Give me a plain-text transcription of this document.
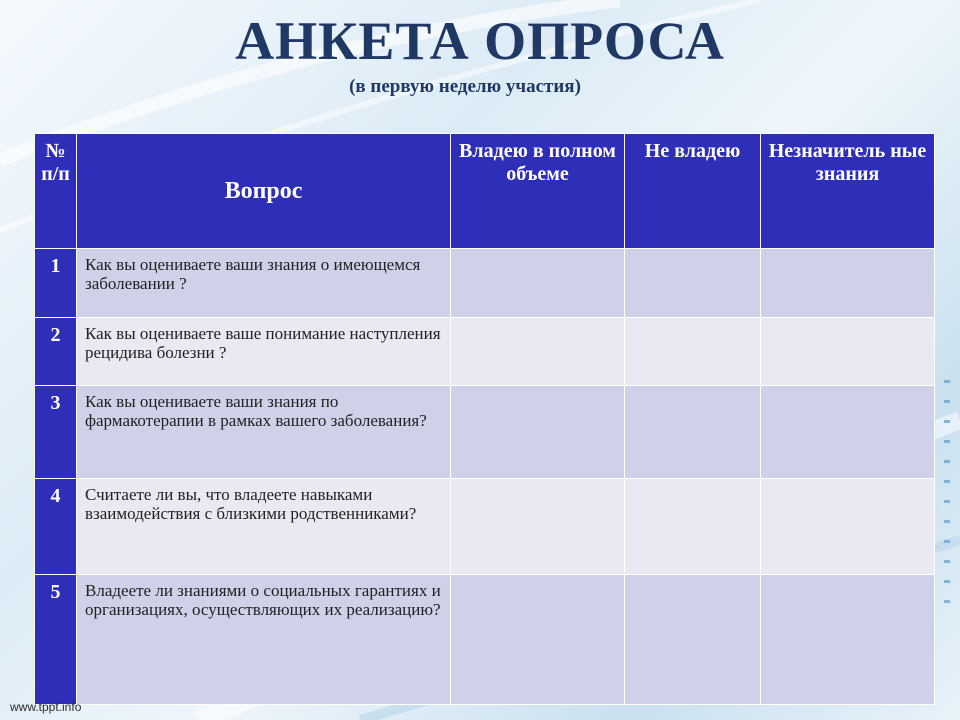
АНКЕТА ОПРОСА
(в первую неделю участия)
№ п/п	Вопрос	Владею в полном объеме	Не владею	Незначитель ные знания
1	Как вы оцениваете ваши знания о имеющемся заболевании ?			
2	Как вы оцениваете ваше понимание наступления рецидива болезни ?			
3	Как вы оцениваете ваши знания по фармакотерапии в рамках вашего заболевания?			
4	Считаете ли вы, что владеете навыками взаимодействия с близкими родственниками?			
5	Владеете ли знаниями о социальных гарантиях и организациях, осуществляющих их реализацию?			
www.tppt.info
